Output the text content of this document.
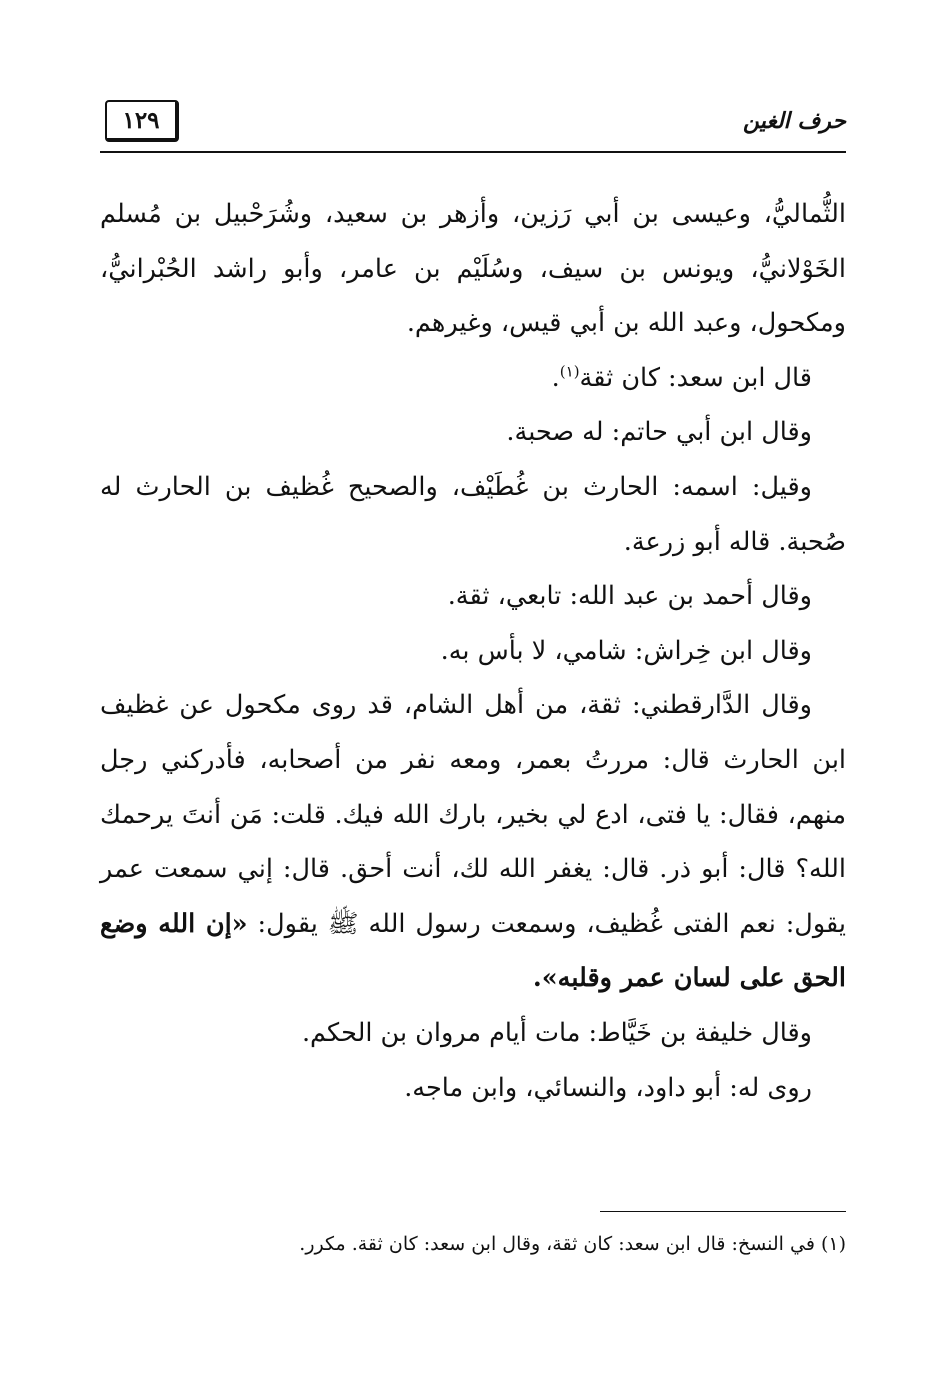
١٢٩	حرف الغين

الثُّماليُّ، وعيسى بن أبي رَزين، وأزهر بن سعيد، وشُرَحْبيل بن مُسلم الخَوْلانيُّ، ويونس بن سيف، وسُلَيْم بن عامر، وأبو راشد الحُبْرانيُّ، ومكحول، وعبد الله بن أبي قيس، وغيرهم.

قال ابن سعد: كان ثقة$^{(١)}$.

وقال ابن أبي حاتم: له صحبة.

وقيل: اسمه: الحارث بن غُطَيْف، والصحيح غُظيف بن الحارث له صُحبة. قاله أبو زرعة.

وقال أحمد بن عبد الله: تابعي، ثقة.

وقال ابن خِراش: شامي، لا بأس به.

وقال الدَّارقطني: ثقة، من أهل الشام، قد روى مكحول عن غظيف ابن الحارث قال: مررتُ بعمر، ومعه نفر من أصحابه، فأدركني رجل منهم، فقال: يا فتى، ادع لي بخير، بارك الله فيك. قلت: مَن أنتَ يرحمك الله؟ قال: أبو ذر. قال: يغفر الله لك، أنت أحق. قال: إني سمعت عمر يقول: نعم الفتى غُظيف، وسمعت رسول الله ﷺ يقول: «إن الله وضع الحق على لسان عمر وقلبه».

وقال خليفة بن خَيَّاط: مات أيام مروان بن الحكم.

روى له: أبو داود، والنسائي، وابن ماجه.

(١) في النسخ: قال ابن سعد: كان ثقة، وقال ابن سعد: كان ثقة. مكرر.
